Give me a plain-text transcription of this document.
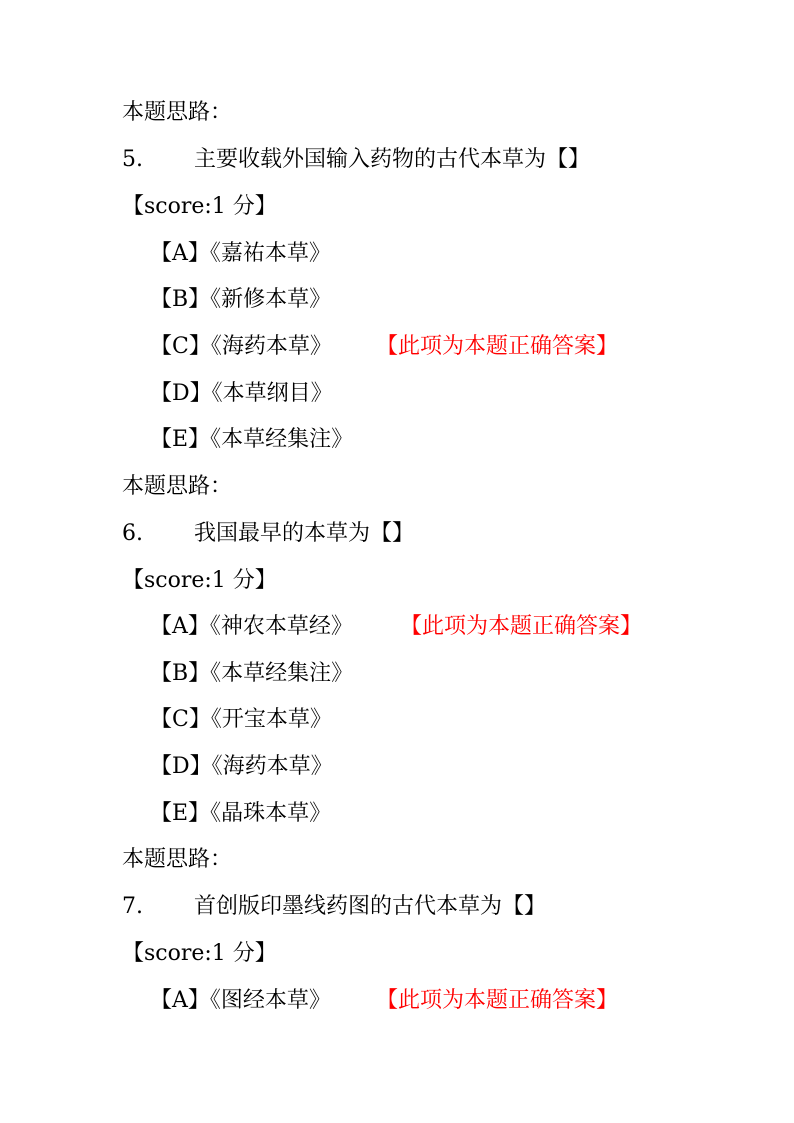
本题思路：
5. 主要收载外国输入药物的古代本草为【】
【score:1 分】
【A】《嘉祐本草》
【B】《新修本草》
【C】《海药本草》 【此项为本题正确答案】
【D】《本草纲目》
【E】《本草经集注》
本题思路：
6. 我国最早的本草为【】
【score:1 分】
【A】《神农本草经》 【此项为本题正确答案】
【B】《本草经集注》
【C】《开宝本草》
【D】《海药本草》
【E】《晶珠本草》
本题思路：
7. 首创版印墨线药图的古代本草为【】
【score:1 分】
【A】《图经本草》 【此项为本题正确答案】
